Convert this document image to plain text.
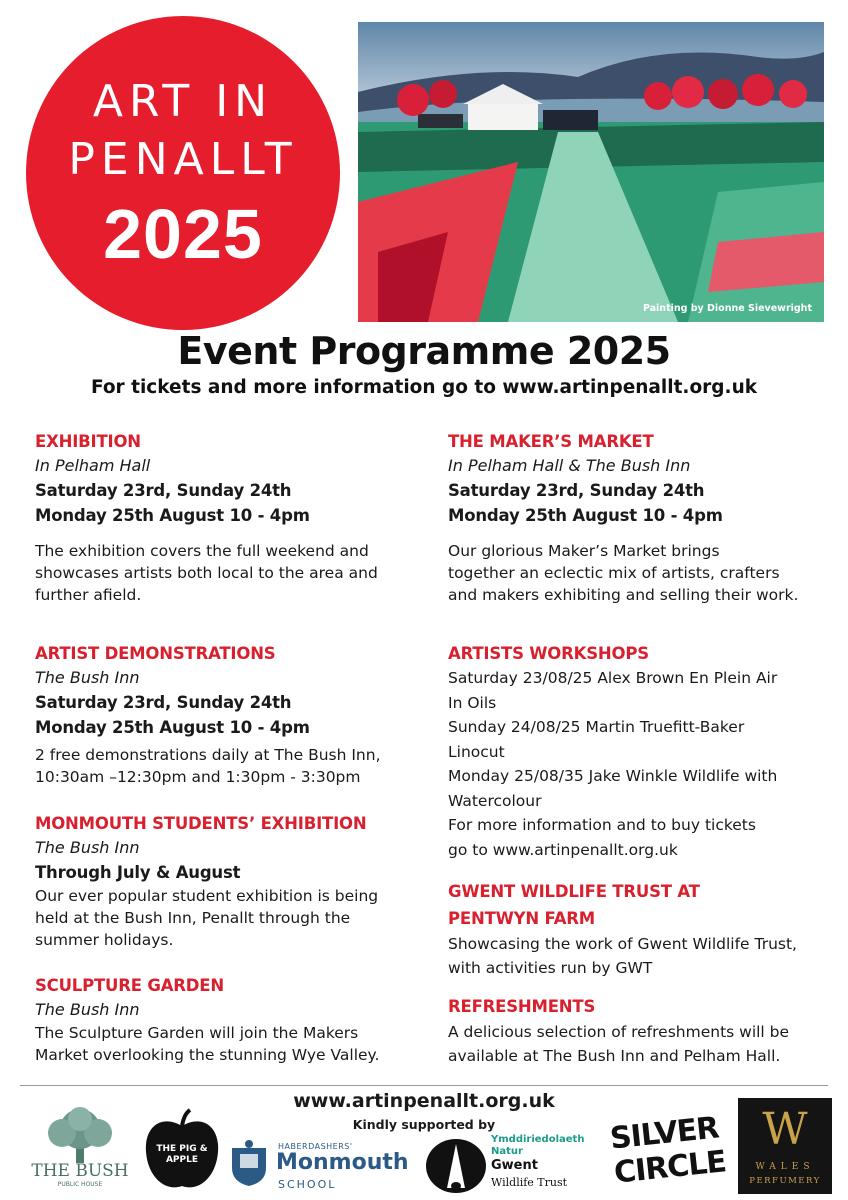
ART IN
PENALLT
2025
Painting by Dionne Sievewright
Event Programme 2025
For tickets and more information go to www.artinpenallt.org.uk
EXHIBITION
In Pelham Hall
Saturday 23rd, Sunday 24th
Monday 25th August 10 - 4pm
The exhibition covers the full weekend and
showcases artists both local to the area and
further afield.
ARTIST DEMONSTRATIONS
The Bush Inn
Saturday 23rd, Sunday 24th
Monday 25th August 10 - 4pm
2 free demonstrations daily at The Bush Inn,
10:30am –12:30pm and 1:30pm - 3:30pm
MONMOUTH STUDENTS’ EXHIBITION
The Bush Inn
Through July & August
Our ever popular student exhibition is being
held at the Bush Inn, Penallt through the
summer holidays.
SCULPTURE GARDEN
The Bush Inn
The Sculpture Garden will join the Makers
Market overlooking the stunning Wye Valley.
THE MAKER’S MARKET
In Pelham Hall & The Bush Inn
Saturday 23rd, Sunday 24th
Monday 25th August 10 - 4pm
Our glorious Maker’s Market brings
together an eclectic mix of artists, crafters
and makers exhibiting and selling their work.
ARTISTS WORKSHOPS
Saturday 23/08/25 Alex Brown En Plein Air
In Oils
Sunday 24/08/25 Martin Truefitt-Baker
Linocut
Monday 25/08/35 Jake Winkle Wildlife with
Watercolour
For more information and to buy tickets
go to www.artinpenallt.org.uk
GWENT WILDLIFE TRUST AT
PENTWYN FARM
Showcasing the work of Gwent Wildlife Trust,
with activities run by GWT
REFRESHMENTS
A delicious selection of refreshments will be
available at The Bush Inn and Pelham Hall.
www.artinpenallt.org.uk
Kindly supported by
THE BUSH
PUBLIC HOUSE
THE PIG & APPLE
HABERDASHERS'
Monmouth
SCHOOL
Ymddiriedolaeth
Natur
Gwent
Wildlife Trust
SILVER
CIRCLE
W
WALES
PERFUMERY
